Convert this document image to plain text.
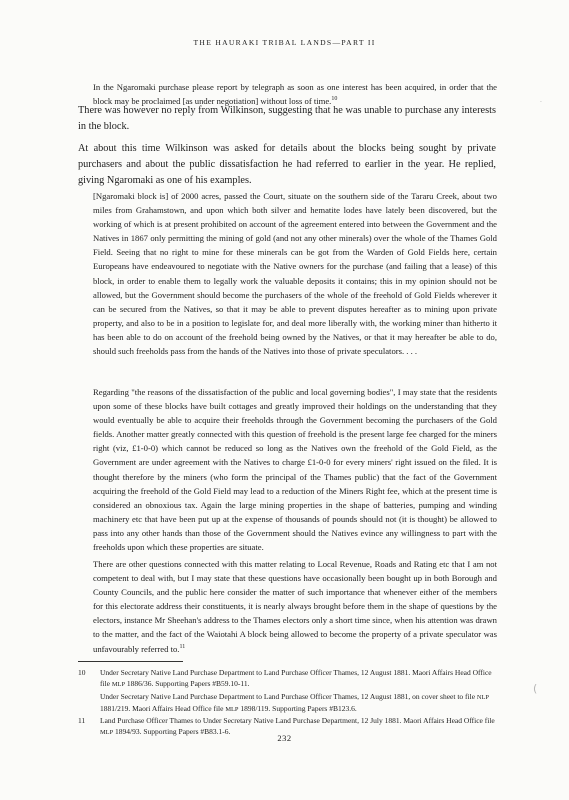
THE HAURAKI TRIBAL LANDS—PART II
In the Ngaromaki purchase please report by telegraph as soon as one interest has been acquired, in order that the block may be proclaimed [as under negotiation] without loss of time.$^{10}$
There was however no reply from Wilkinson, suggesting that he was unable to purchase any interests in the block.
At about this time Wilkinson was asked for details about the blocks being sought by private purchasers and about the public dissatisfaction he had referred to earlier in the year. He replied, giving Ngaromaki as one of his examples.
[Ngaromaki block is] of 2000 acres, passed the Court, situate on the southern side of the Tararu Creek, about two miles from Grahamstown, and upon which both silver and hematite lodes have lately been discovered, but the working of which is at present prohibited on account of the agreement entered into between the Government and the Natives in 1867 only permitting the mining of gold (and not any other minerals) over the whole of the Thames Gold Field. Seeing that no right to mine for these minerals can be got from the Warden of Gold Fields here, certain Europeans have endeavoured to negotiate with the Native owners for the purchase (and failing that a lease) of this block, in order to enable them to legally work the valuable deposits it contains; this in my opinion should not be allowed, but the Government should become the purchasers of the whole of the freehold of Gold Fields wherever it can be secured from the Natives, so that it may be able to prevent disputes hereafter as to mining upon private property, and also to be in a position to legislate for, and deal more liberally with, the working miner than hitherto it has been able to do on account of the freehold being owned by the Natives, or that it may hereafter be able to do, should such freeholds pass from the hands of the Natives into those of private speculators. . . .
Regarding "the reasons of the dissatisfaction of the public and local governing bodies", I may state that the residents upon some of these blocks have built cottages and greatly improved their holdings on the understanding that they would eventually be able to acquire their freeholds through the Government becoming the purchasers of the Gold fields. Another matter greatly connected with this question of freehold is the present large fee charged for the miners right (viz, £1-0-0) which cannot be reduced so long as the Natives own the freehold of the Gold Field, as the Government are under agreement with the Natives to charge £1-0-0 for every miners' right issued on the filed. It is thought therefore by the miners (who form the principal of the Thames public) that the fact of the Government acquiring the freehold of the Gold Field may lead to a reduction of the Miners Right fee, which at the present time is considered an obnoxious tax. Again the large mining properties in the shape of batteries, pumping and winding machinery etc that have been put up at the expense of thousands of pounds should not (it is thought) be allowed to pass into any other hands than those of the Government should the Natives evince any willingness to part with the freeholds upon which these properties are situate.
There are other questions connected with this matter relating to Local Revenue, Roads and Rating etc that I am not competent to deal with, but I may state that these questions have occasionally been bought up in both Borough and County Councils, and the public here consider the matter of such importance that whenever either of the members for this electorate address their constituents, it is nearly always brought before them in the shape of questions by the electors, instance Mr Sheehan's address to the Thames electors only a short time since, when his attention was drawn to the matter, and the fact of the Waiotahi A block being allowed to become the property of a private speculator was unfavourably referred to.$^{11}$
10 Under Secretary Native Land Purchase Department to Land Purchase Officer Thames, 12 August 1881. Maori Affairs Head Office file MLP 1886/36. Supporting Papers #B59.10-11.
Under Secretary Native Land Purchase Department to Land Purchase Officer Thames, 12 August 1881, on cover sheet to file NLP 1881/219. Maori Affairs Head Office file MLP 1898/119. Supporting Papers #B123.6.
11 Land Purchase Officer Thames to Under Secretary Native Land Purchase Department, 12 July 1881. Maori Affairs Head Office file MLP 1894/93. Supporting Papers #B83.1-6.
232
.
(
